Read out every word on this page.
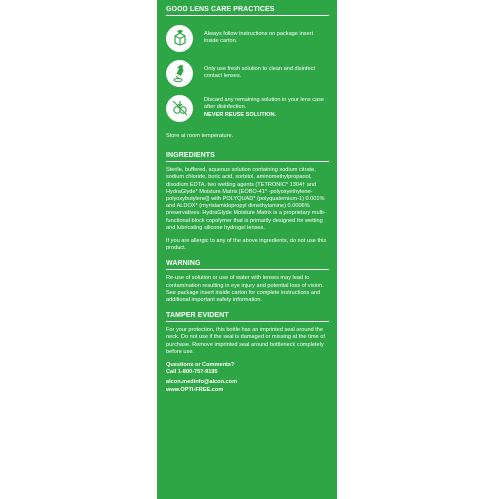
GOOD LENS CARE PRACTICES
Always follow instructions on package insert inside carton.
Only use fresh solution to clean and disinfect contact lenses.
Discard any remaining solution in your lens case after disinfection.
NEVER REUSE SOLUTION.
Store at room temperature.
INGREDIENTS
Sterile, buffered, aqueous solution containing sodium citrate, sodium chloride, boric acid, sorbitol, aminomethylpropanol, disodium EDTA, two wetting agents (TETRONIC* 1304† and HydraGlyde* Moisture Matrix [EOBO-41* -polyoxyethylene-polyoxybutylene]) with POLYQUAD* (polyquaternium-1) 0.001% and ALDOX* (myristamidopropyl dimethylamine) 0.0006% preservatives. HydraGlyde Moisture Matrix is a proprietary multi-functional block copolymer that is primarily designed for wetting and lubricating silicone hydrogel lenses.
If you are allergic to any of the above ingredients, do not use this product.
WARNING
Re-use of solution or use of water with lenses may lead to contamination resulting in eye injury and potential loss of vision. See package insert inside carton for complete instructions and additional important safety information.
TAMPER EVIDENT
For your protection, this bottle has an imprinted seal around the neck. Do not use if the seal is damaged or missing at the time of purchase. Remove imprinted seal around bottleneck completely before use.
Questions or Comments?
Call 1-800-757-9195
alcon.medinfo@alcon.com
www.OPTI-FREE.com
